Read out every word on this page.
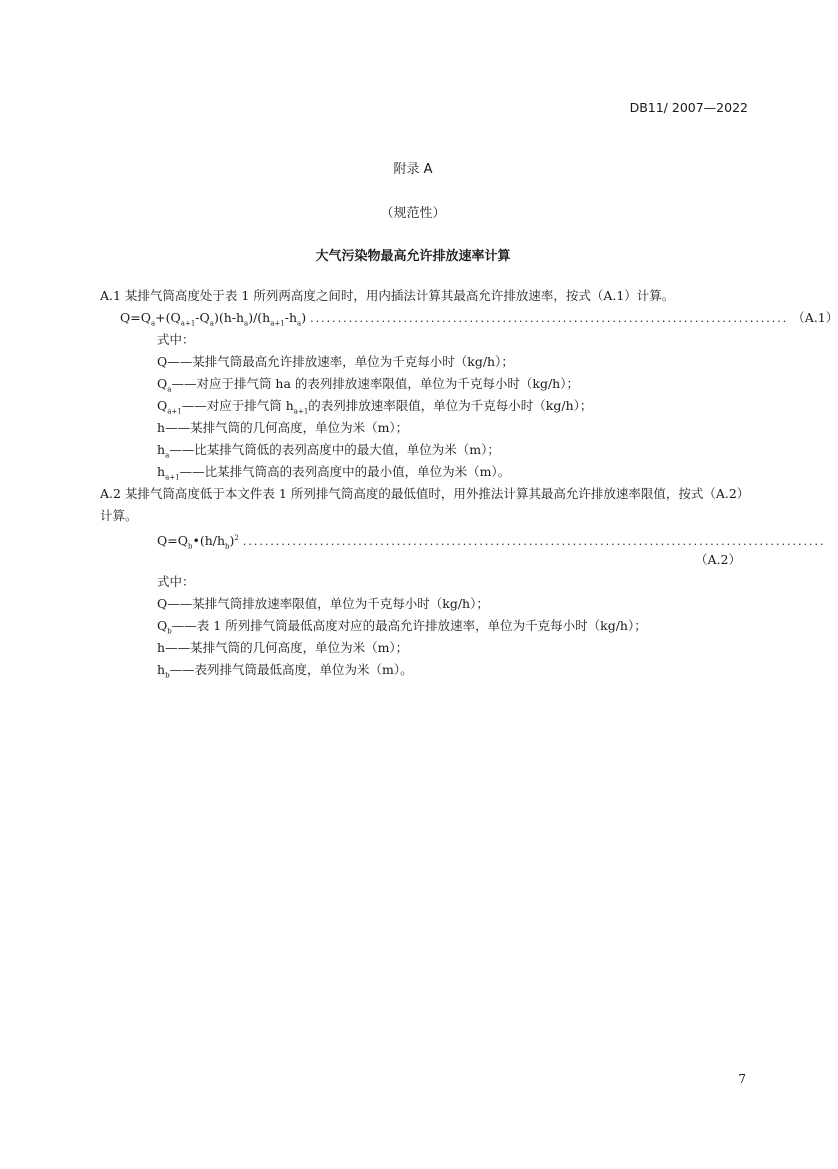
DB11/ 2007—2022
附录 A
（规范性）
大气污染物最高允许排放速率计算
A.1 某排气筒高度处于表 1 所列两高度之间时，用内插法计算其最高允许排放速率，按式（A.1）计算。
$Q=Q_a+(Q_{a+1}-Q_a)(h-h_a)/(h_{a+1}-h_a)$ ....................................................................................... （A.1）
式中：
Q——某排气筒最高允许排放速率，单位为千克每小时（kg/h）；
$Q_a——$对应于排气筒 ha 的表列排放速率限值，单位为千克每小时（kg/h）；
$Q_{a+1}——$对应于排气筒 $h_{a+1}$的表列排放速率限值，单位为千克每小时（kg/h）；
h——某排气筒的几何高度，单位为米（m）；
$h_a——$比某排气筒低的表列高度中的最大值，单位为米（m）；
$h_{a+1}——$比某排气筒高的表列高度中的最小值，单位为米（m）。
A.2 某排气筒高度低于本文件表 1 所列排气筒高度的最低值时，用外推法计算其最高允许排放速率限值，按式（A.2）计算。
$Q=Q_b•(h/h_b)^2$ ..........................................................................................................
（A.2）
式中：
Q——某排气筒排放速率限值，单位为千克每小时（kg/h）；
$Q_b——$表 1 所列排气筒最低高度对应的最高允许排放速率，单位为千克每小时（kg/h）；
h——某排气筒的几何高度，单位为米（m）；
$h_b——$表列排气筒最低高度，单位为米（m）。
7
